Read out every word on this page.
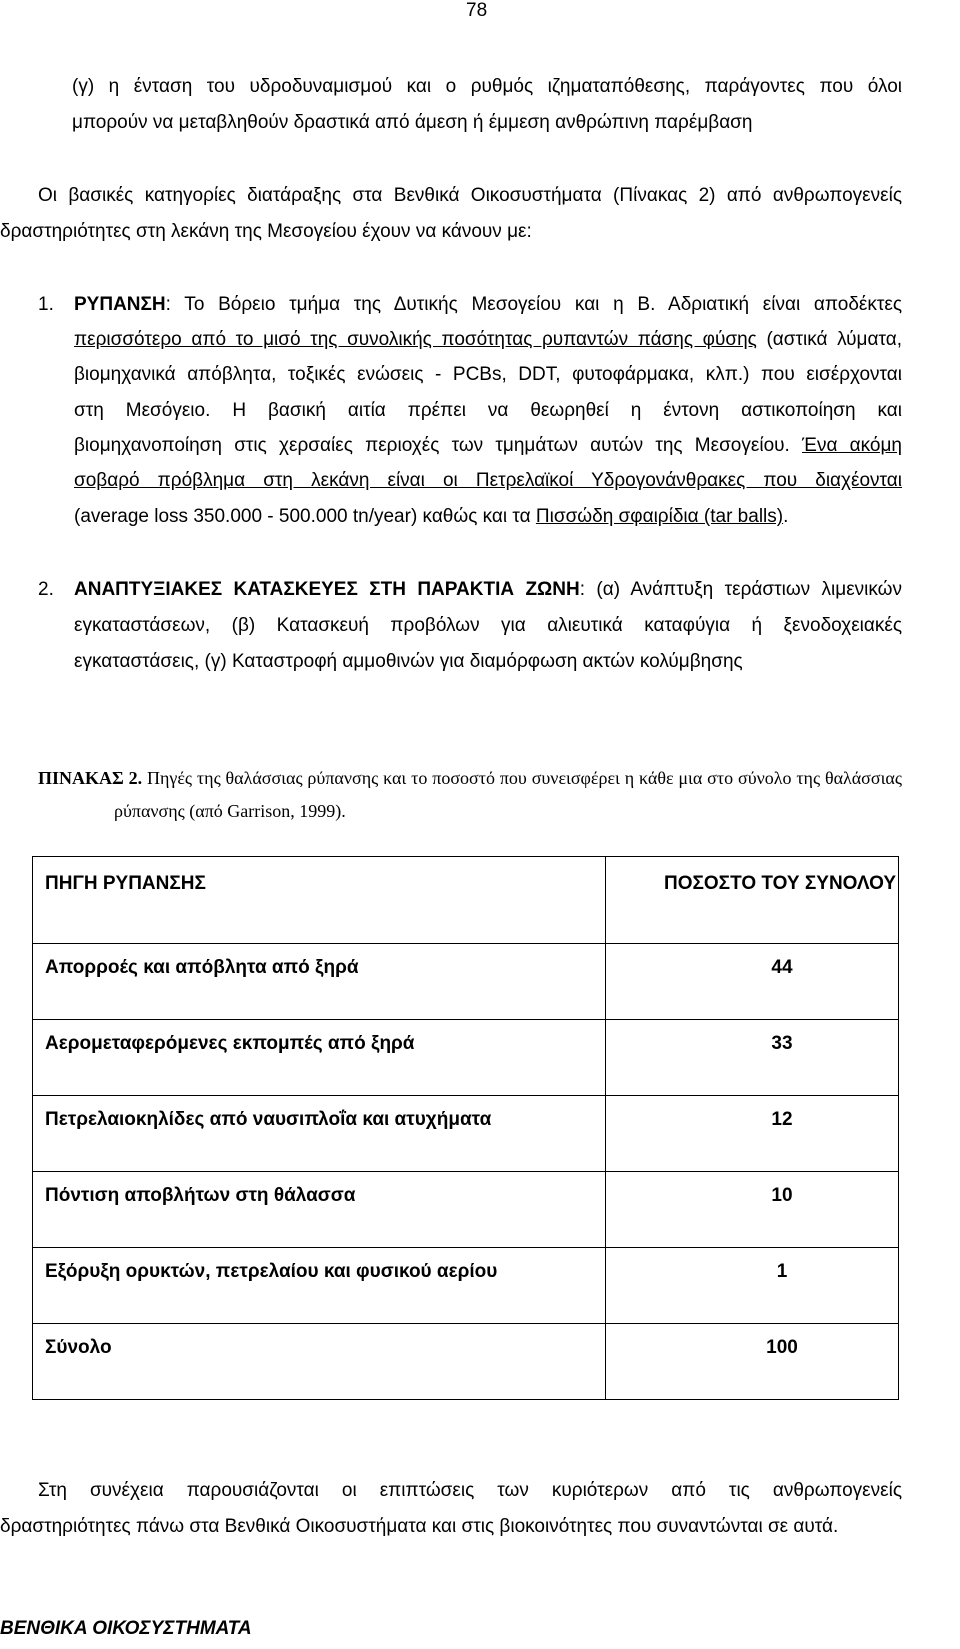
78
(γ) η ένταση του υδροδυναμισμού και ο ρυθμός ιζηματαπόθεσης, παράγοντες που όλοι
μπορούν να μεταβληθούν δραστικά από άμεση ή έμμεση ανθρώπινη παρέμβαση
Οι βασικές κατηγορίες διατάραξης στα Βενθικά Οικοσυστήματα (Πίνακας 2) από ανθρωπογενείς
δραστηριότητες στη λεκάνη της Μεσογείου έχουν να κάνουν με:
1. ΡΥΠΑΝΣΗ: Το Βόρειο τμήμα της Δυτικής Μεσογείου και η Β. Αδριατική είναι αποδέκτες
περισσότερο από το μισό της συνολικής ποσότητας ρυπαντών πάσης φύσης (αστικά λύματα,
βιομηχανικά απόβλητα, τοξικές ενώσεις - PCBs, DDT, φυτοφάρμακα, κλπ.) που εισέρχονται
στη Μεσόγειο. Η βασική αιτία πρέπει να θεωρηθεί η έντονη αστικοποίηση και
βιομηχανοποίηση στις χερσαίες περιοχές των τμημάτων αυτών της Μεσογείου. Ένα ακόμη
σοβαρό πρόβλημα στη λεκάνη είναι οι Πετρελαϊκοί Υδρογονάνθρακες που διαχέονται
(average loss 350.000 - 500.000 tn/year) καθώς και τα Πισσώδη σφαιρίδια (tar balls).
2. ΑΝΑΠΤΥΞΙΑΚΕΣ ΚΑΤΑΣΚΕΥΕΣ ΣΤΗ ΠΑΡΑΚΤΙΑ ΖΩΝΗ: (α) Ανάπτυξη τεράστιων λιμενικών
εγκαταστάσεων, (β) Κατασκευή προβόλων για αλιευτικά καταφύγια ή ξενοδοχειακές
εγκαταστάσεις, (γ) Καταστροφή αμμοθινών για διαμόρφωση ακτών κολύμβησης
ΠΙΝΑΚΑΣ 2. Πηγές της θαλάσσιας ρύπανσης και το ποσοστό που συνεισφέρει η κάθε μια στο σύνολο της θαλάσσιας
ρύπανσης (από Garrison, 1999).
ΠΗΓΗ ΡΥΠΑΝΣΗΣ	ΠΟΣΟΣΤΟ ΤΟΥ ΣΥΝΟΛΟΥ

Απορροές και απόβλητα από ξηρά	44

Αερομεταφερόμενες εκπομπές από ξηρά	33

Πετρελαιοκηλίδες από ναυσιπλοΐα και ατυχήματα	12

Πόντιση αποβλήτων στη θάλασσα	10

Εξόρυξη ορυκτών, πετρελαίου και φυσικού αερίου	1

Σύνολο	100
Στη συνέχεια παρουσιάζονται οι επιπτώσεις των κυριότερων από τις ανθρωπογενείς
δραστηριότητες πάνω στα Βενθικά Οικοσυστήματα και στις βιοκοινότητες που συναντώνται σε αυτά.
ΒΕΝΘΙΚΑ ΟΙΚΟΣΥΣΤΗΜΑΤΑ
